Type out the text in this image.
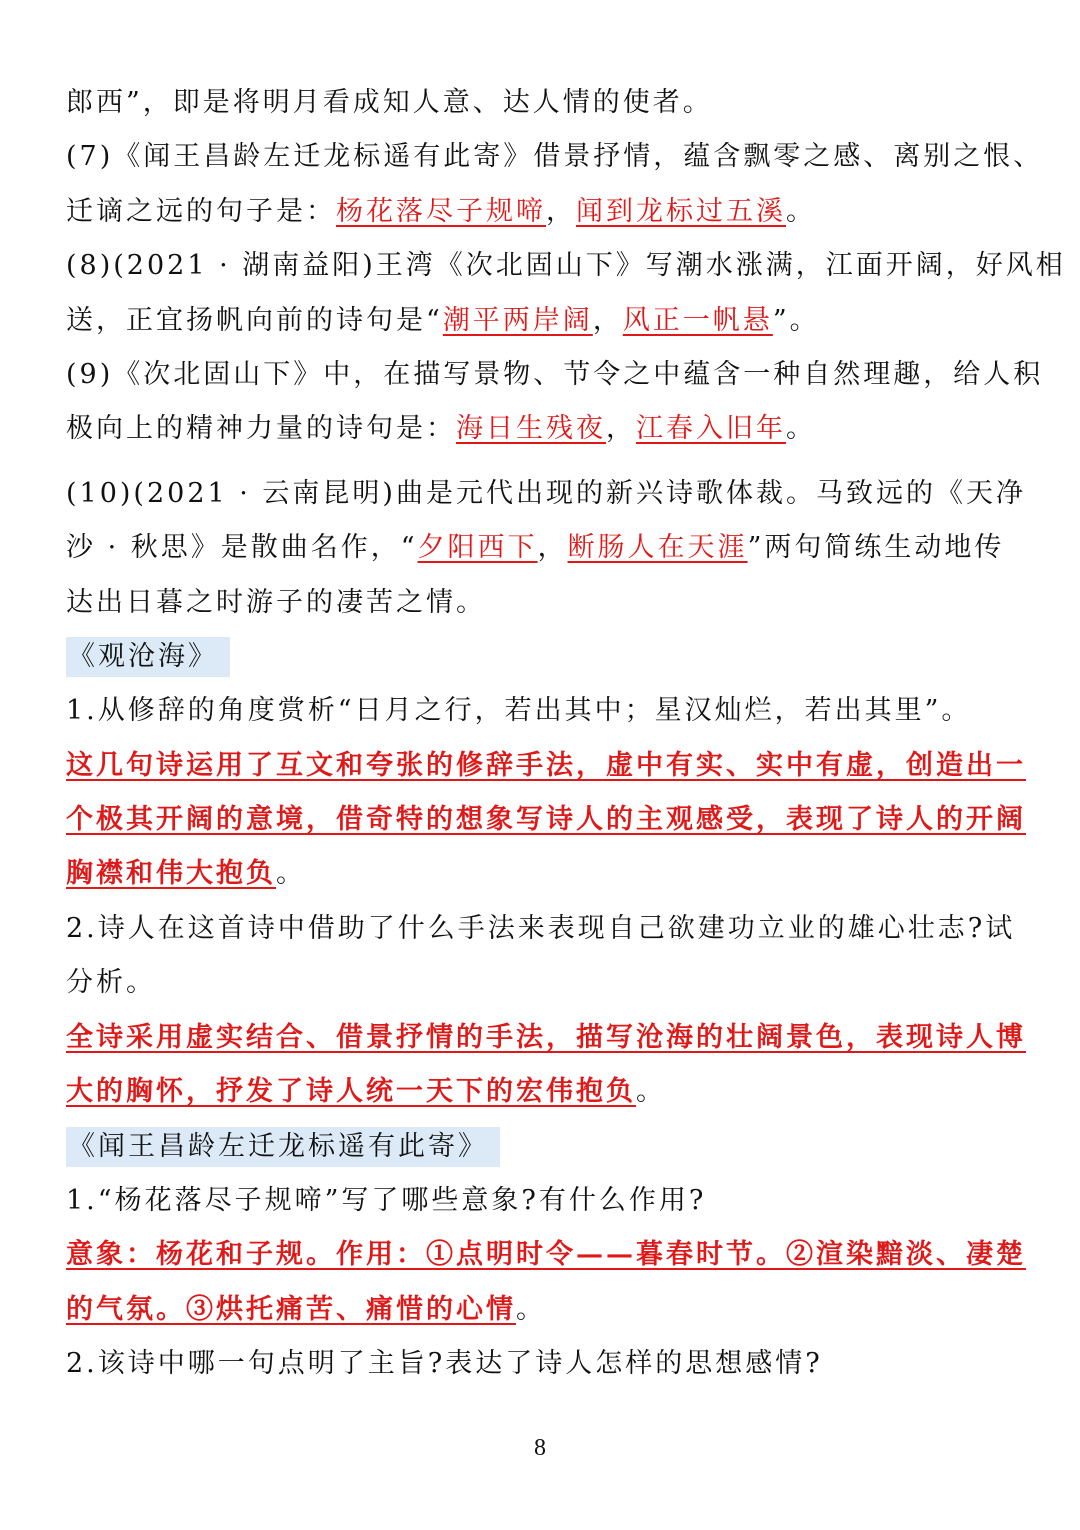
郎西”，即是将明月看成知人意、达人情的使者。
(7)《闻王昌龄左迁龙标遥有此寄》借景抒情，蕴含飘零之感、离别之恨、
迁谪之远的句子是：杨花落尽子规啼，闻到龙标过五溪。
(8)(2021 · 湖南益阳)王湾《次北固山下》写潮水涨满，江面开阔，好风相
送，正宜扬帆向前的诗句是“潮平两岸阔，风正一帆悬”。
(9)《次北固山下》中，在描写景物、节令之中蕴含一种自然理趣，给人积
极向上的精神力量的诗句是：海日生残夜，江春入旧年。
(10)(2021 · 云南昆明)曲是元代出现的新兴诗歌体裁。马致远的《天净
沙 · 秋思》是散曲名作，“夕阳西下，断肠人在天涯”两句简练生动地传
达出日暮之时游子的凄苦之情。
《观沧海》
1.从修辞的角度赏析“日月之行，若出其中；星汉灿烂，若出其里”。
这几句诗运用了互文和夸张的修辞手法，虚中有实、实中有虚，创造出一
个极其开阔的意境，借奇特的想象写诗人的主观感受，表现了诗人的开阔
胸襟和伟大抱负。
2.诗人在这首诗中借助了什么手法来表现自己欲建功立业的雄心壮志?试
分析。
全诗采用虚实结合、借景抒情的手法，描写沧海的壮阔景色，表现诗人博
大的胸怀，抒发了诗人统一天下的宏伟抱负。
《闻王昌龄左迁龙标遥有此寄》
1.“杨花落尽子规啼”写了哪些意象?有什么作用?
意象：杨花和子规。作用：①点明时令——暮春时节。②渲染黯淡、凄楚
的气氛。③烘托痛苦、痛惜的心情。
2.该诗中哪一句点明了主旨?表达了诗人怎样的思想感情?
8
